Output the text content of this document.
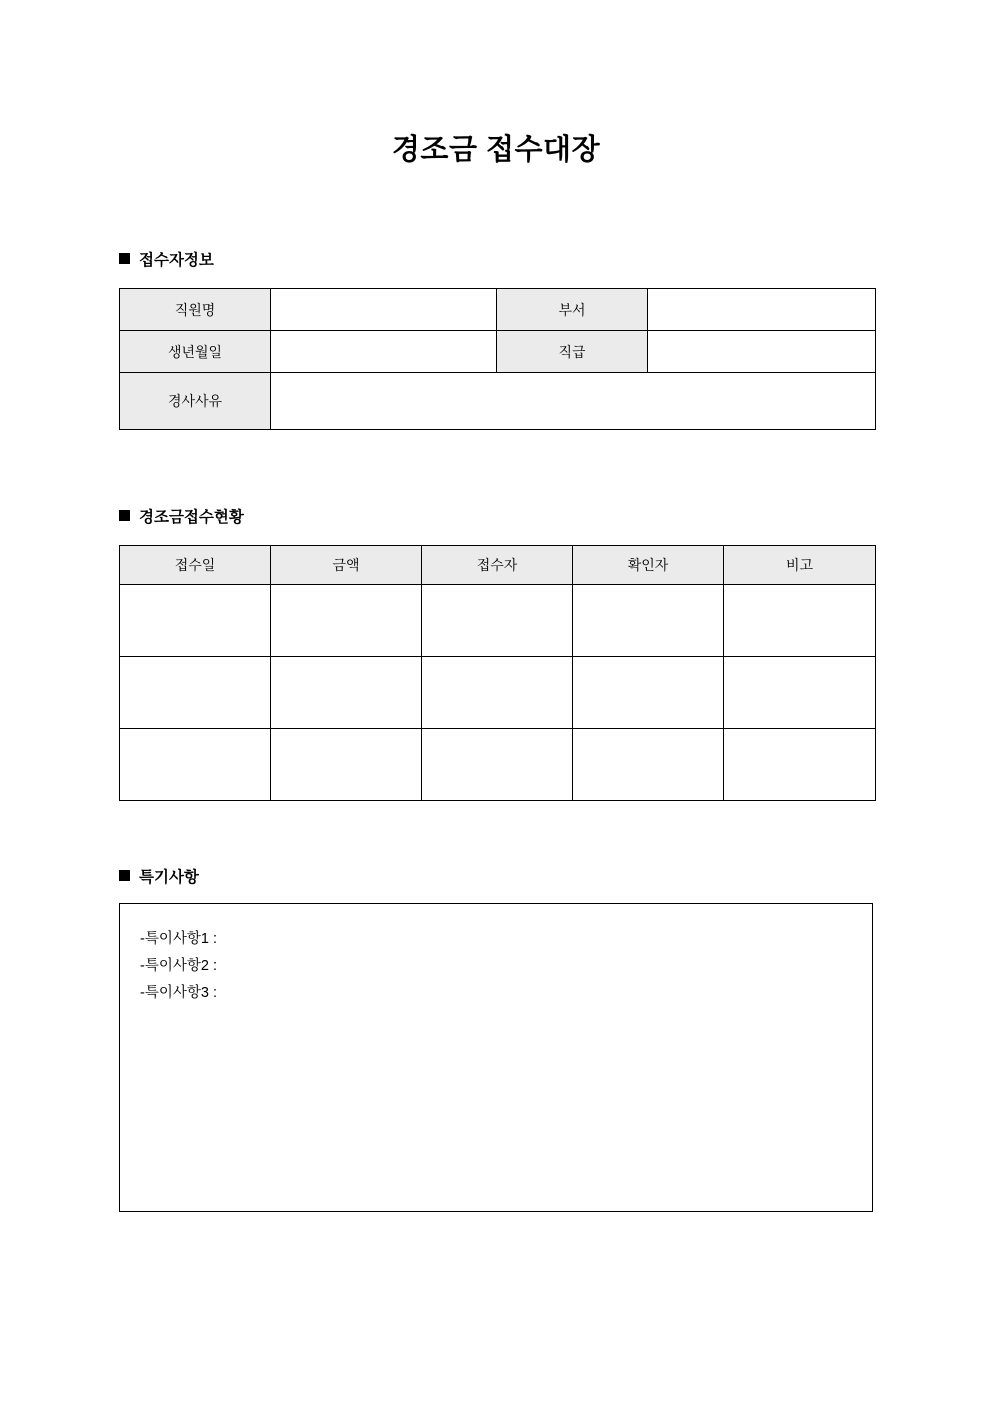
경조금 접수대장
접수자정보
직원명		부서	
생년월일		직급	
경사사유			
경조금접수현황
접수일	금액	접수자	확인자	비고

특기사항
-특이사항1 :
-특이사항2 :
-특이사항3 :
